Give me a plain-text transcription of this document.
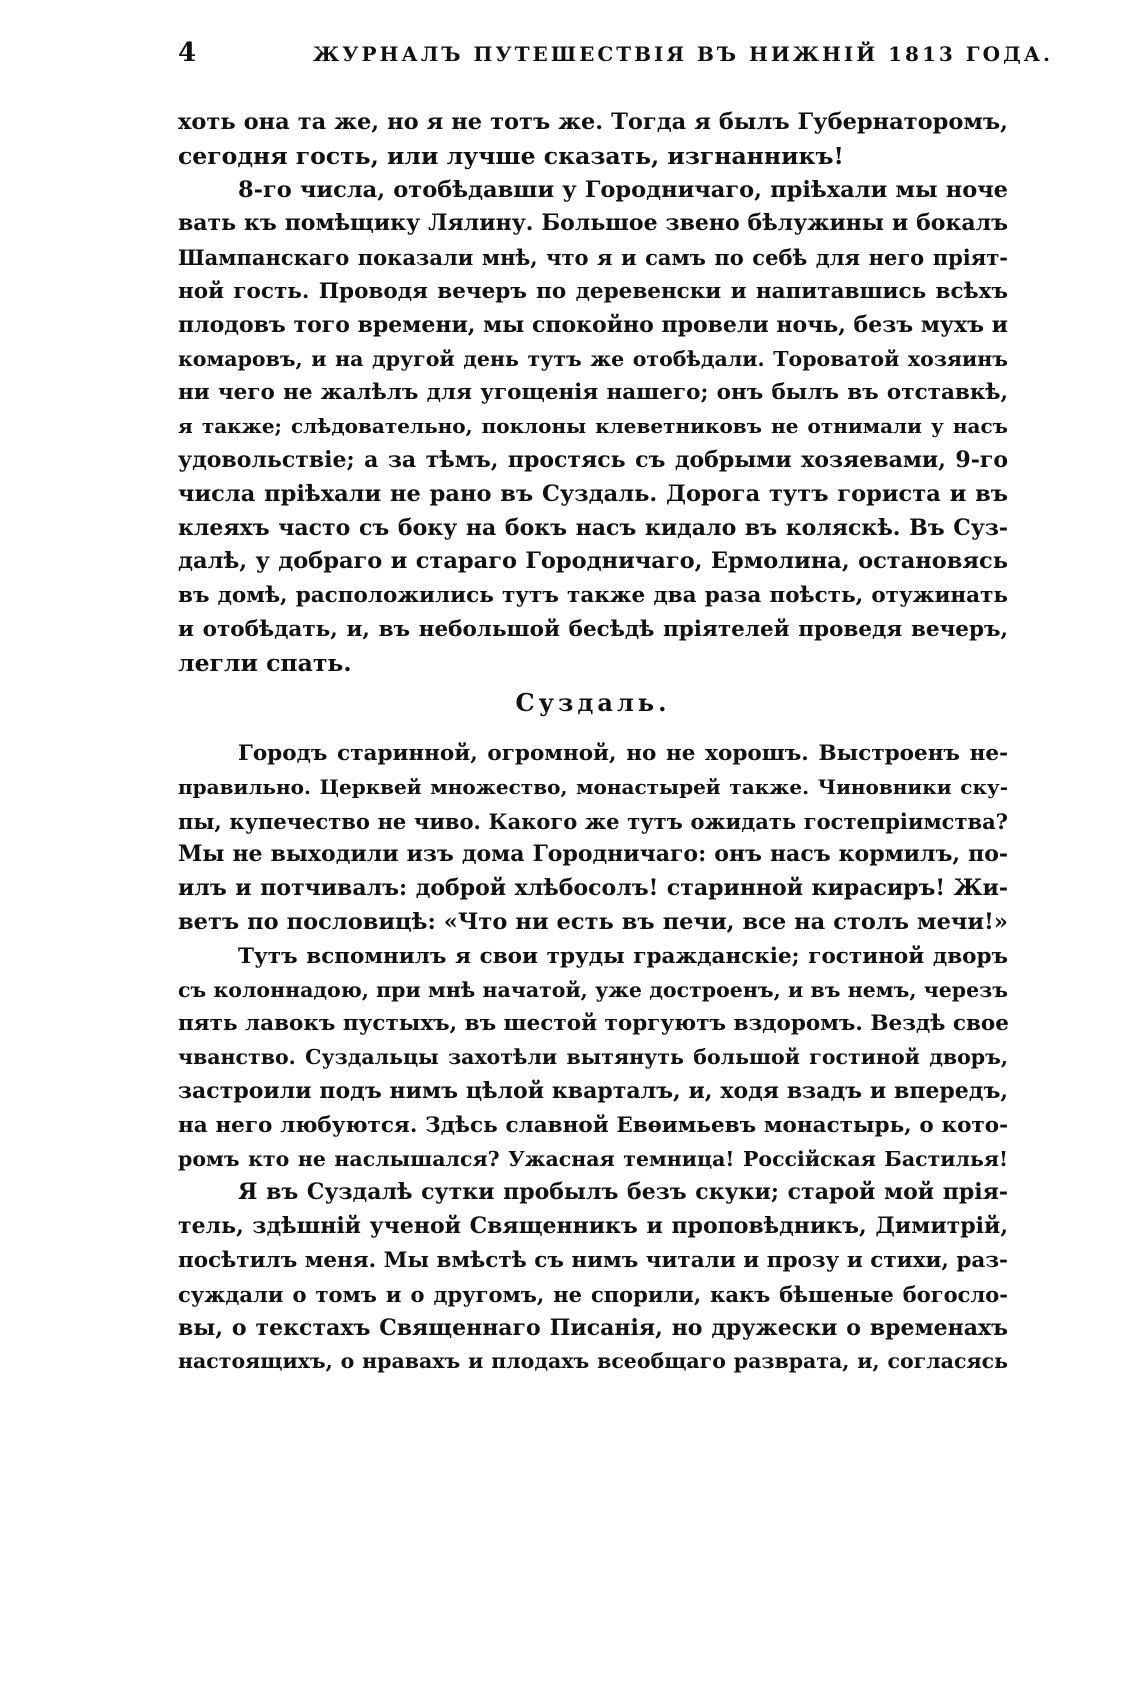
4	ЖУРНАЛЪ ПУТЕШЕСТВІЯ ВЪ НИЖНІЙ 1813 ГОДА.
хоть она та же, но я не тотъ же. Тогда я былъ Губернаторомъ,
сегодня гость, или лучше сказать, изгнанникъ!
8-го числа, отобѣдавши у Городничаго, пріѣхали мы ноче
вать къ помѣщику Лялину. Большое звено бѣлужины и бокалъ
Шампанскаго показали мнѣ, что я и самъ по себѣ для него пріят-
ной гость. Проводя вечеръ по деревенски и напитавшись всѣхъ
плодовъ того времени, мы спокойно провели ночь, безъ мухъ и
комаровъ, и на другой день тутъ же отобѣдали. Тороватой хозяинъ
ни чего не жалѣлъ для угощенія нашего; онъ былъ въ отставкѣ,
я также; слѣдовательно, поклоны клеветниковъ не отнимали у насъ
удовольствіе; а за тѣмъ, простясь съ добрыми хозяевами, 9-го
числа пріѣхали не рано въ Суздаль. Дорога тутъ гориста и въ
клеяхъ часто съ боку на бокъ насъ кидало въ коляскѣ. Въ Суз-
далѣ, у добраго и стараго Городничаго, Ермолина, остановясь
въ домѣ, расположились тутъ также два раза поѣсть, отужинать
и отобѣдать, и, въ небольшой бесѣдѣ пріятелей проведя вечеръ,
легли спать.
Суздаль.
Городъ старинной, огромной, но не хорошъ. Выстроенъ не-
правильно. Церквей множество, монастырей также. Чиновники ску-
пы, купечество не чиво. Какого же тутъ ожидать гостепріимства?
Мы не выходили изъ дома Городничаго: онъ насъ кормилъ, по-
илъ и потчивалъ: доброй хлѣбосолъ! старинной кирасиръ! Жи-
ветъ по пословицѣ: «Что ни есть въ печи, все на столъ мечи!»
Тутъ вспомнилъ я свои труды гражданскіе; гостиной дворъ
съ колоннадою, при мнѣ начатой, уже достроенъ, и въ немъ, черезъ
пять лавокъ пустыхъ, въ шестой торгуютъ вздоромъ. Вездѣ свое
чванство. Суздальцы захотѣли вытянуть большой гостиной дворъ,
застроили подъ нимъ цѣлой кварталъ, и, ходя взадъ и впередъ,
на него любуются. Здѣсь славной Евѳимьевъ монастырь, о кото-
ромъ кто не наслышался? Ужасная темница! Россійская Бастилья!
Я въ Суздалѣ сутки пробылъ безъ скуки; старой мой прія-
тель, здѣшній ученой Священникъ и проповѣдникъ, Димитрій,
посѣтилъ меня. Мы вмѣстѣ съ нимъ читали и прозу и стихи, раз-
суждали о томъ и о другомъ, не спорили, какъ бѣшеные богосло-
вы, о текстахъ Священнаго Писанія, но дружески о временахъ
настоящихъ, о нравахъ и плодахъ всеобщаго разврата, и, согласясь
